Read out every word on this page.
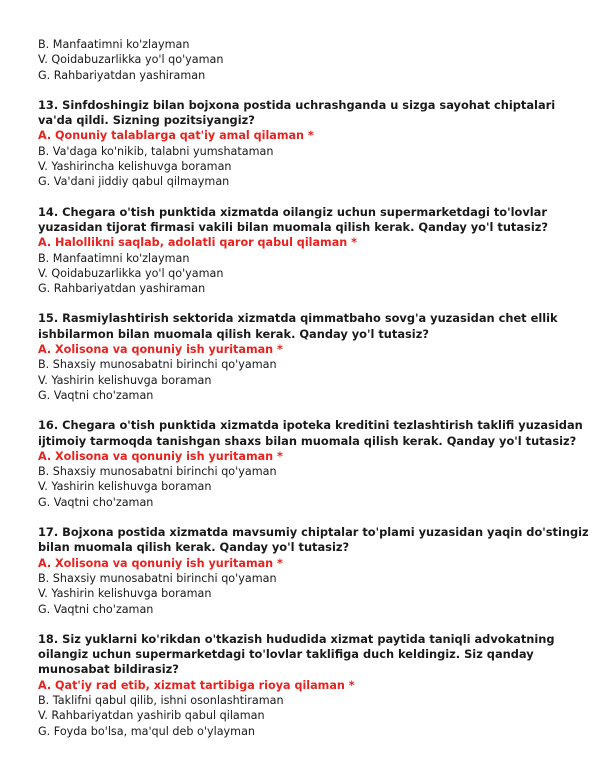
B. Manfaatimni ko'zlayman
V. Qoidabuzarlikka yo'l qo'yaman
G. Rahbariyatdan yashiraman
13. Sinfdoshingiz bilan bojxona postida uchrashganda u sizga sayohat chiptalari
va'da qildi. Sizning pozitsiyangiz?
A. Qonuniy talablarga qat'iy amal qilaman *
B. Va'daga ko'nikib, talabni yumshataman
V. Yashirincha kelishuvga boraman
G. Va'dani jiddiy qabul qilmayman
14. Chegara o'tish punktida xizmatda oilangiz uchun supermarketdagi to'lovlar
yuzasidan tijorat firmasi vakili bilan muomala qilish kerak. Qanday yo'l tutasiz?
A. Halollikni saqlab, adolatli qaror qabul qilaman *
B. Manfaatimni ko'zlayman
V. Qoidabuzarlikka yo'l qo'yaman
G. Rahbariyatdan yashiraman
15. Rasmiylashtirish sektorida xizmatda qimmatbaho sovg'a yuzasidan chet ellik
ishbilarmon bilan muomala qilish kerak. Qanday yo'l tutasiz?
A. Xolisona va qonuniy ish yuritaman *
B. Shaxsiy munosabatni birinchi qo'yaman
V. Yashirin kelishuvga boraman
G. Vaqtni cho'zaman
16. Chegara o'tish punktida xizmatda ipoteka kreditini tezlashtirish taklifi yuzasidan
ijtimoiy tarmoqda tanishgan shaxs bilan muomala qilish kerak. Qanday yo'l tutasiz?
A. Xolisona va qonuniy ish yuritaman *
B. Shaxsiy munosabatni birinchi qo'yaman
V. Yashirin kelishuvga boraman
G. Vaqtni cho'zaman
17. Bojxona postida xizmatda mavsumiy chiptalar to'plami yuzasidan yaqin do'stingiz
bilan muomala qilish kerak. Qanday yo'l tutasiz?
A. Xolisona va qonuniy ish yuritaman *
B. Shaxsiy munosabatni birinchi qo'yaman
V. Yashirin kelishuvga boraman
G. Vaqtni cho'zaman
18. Siz yuklarni ko'rikdan o'tkazish hududida xizmat paytida taniqli advokatning
oilangiz uchun supermarketdagi to'lovlar taklifiga duch keldingiz. Siz qanday
munosabat bildirasiz?
A. Qat'iy rad etib, xizmat tartibiga rioya qilaman *
B. Taklifni qabul qilib, ishni osonlashtiraman
V. Rahbariyatdan yashirib qabul qilaman
G. Foyda bo'lsa, ma'qul deb o'ylayman
